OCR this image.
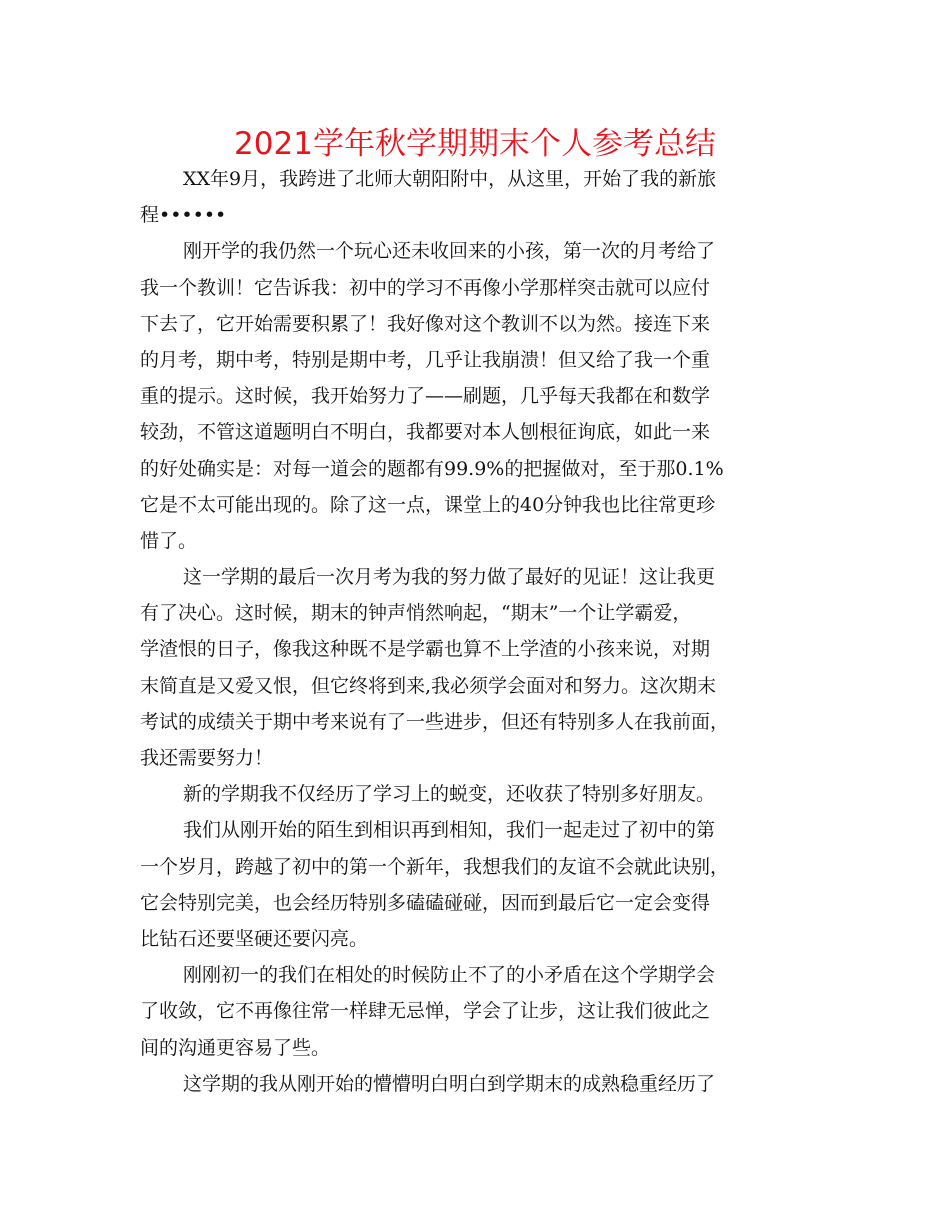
2021学年秋学期期末个人参考总结
XX年9月，我跨进了北师大朝阳附中，从这里，开始了我的新旅
程••••••
刚开学的我仍然一个玩心还未收回来的小孩，第一次的月考给了
我一个教训！它告诉我：初中的学习不再像小学那样突击就可以应付
下去了，它开始需要积累了！我好像对这个教训不以为然。接连下来
的月考，期中考，特别是期中考，几乎让我崩溃！但又给了我一个重
重的提示。这时候，我开始努力了——刷题，几乎每天我都在和数学
较劲，不管这道题明白不明白，我都要对本人刨根征询底，如此一来
的好处确实是：对每一道会的题都有99.9%的把握做对，至于那0.1%
它是不太可能出现的。除了这一点，课堂上的40分钟我也比往常更珍
惜了。
这一学期的最后一次月考为我的努力做了最好的见证！这让我更
有了决心。这时候，期末的钟声悄然响起，“期末”一个让学霸爱，
学渣恨的日子，像我这种既不是学霸也算不上学渣的小孩来说，对期
末简直是又爱又恨，但它终将到来,我必须学会面对和努力。这次期末
考试的成绩关于期中考来说有了一些进步，但还有特别多人在我前面，
我还需要努力！
新的学期我不仅经历了学习上的蜕变，还收获了特别多好朋友。
我们从刚开始的陌生到相识再到相知，我们一起走过了初中的第
一个岁月，跨越了初中的第一个新年，我想我们的友谊不会就此诀别，
它会特别完美，也会经历特别多磕磕碰碰，因而到最后它一定会变得
比钻石还要坚硬还要闪亮。
刚刚初一的我们在相处的时候防止不了的小矛盾在这个学期学会
了收敛，它不再像往常一样肆无忌惮，学会了让步，这让我们彼此之
间的沟通更容易了些。
这学期的我从刚开始的懵懵明白明白到学期末的成熟稳重经历了
